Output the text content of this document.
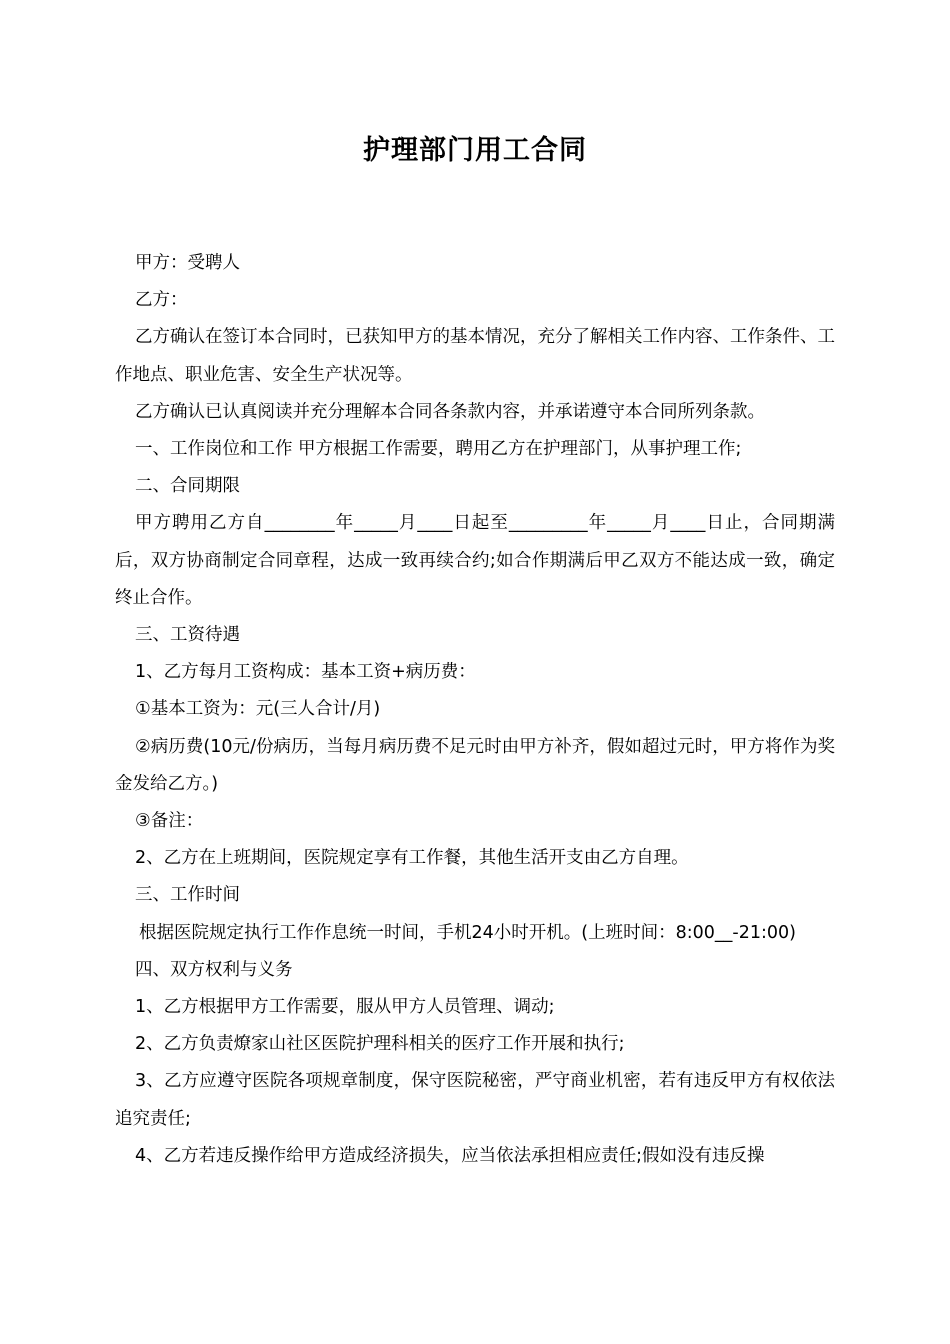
护理部门用工合同

甲方：受聘人

乙方：

乙方确认在签订本合同时，已获知甲方的基本情况，充分了解相关工作内容、工作条件、工作地点、职业危害、安全生产状况等。

乙方确认已认真阅读并充分理解本合同各条款内容，并承诺遵守本合同所列条款。

一、工作岗位和工作 甲方根据工作需要，聘用乙方在护理部门，从事护理工作;

二、合同期限

甲方聘用乙方自________年_____月____日起至_________年_____月____日止，合同期满后，双方协商制定合同章程，达成一致再续合约;如合作期满后甲乙双方不能达成一致，确定终止合作。

三、工资待遇

1、乙方每月工资构成：基本工资+病历费：

①基本工资为：元(三人合计/月)

②病历费(10元/份病历，当每月病历费不足元时由甲方补齐，假如超过元时，甲方将作为奖金发给乙方。)

③备注：

2、乙方在上班期间，医院规定享有工作餐，其他生活开支由乙方自理。

三、工作时间

根据医院规定执行工作作息统一时间，手机24小时开机。(上班时间：8:00__-21:00)

四、双方权利与义务

1、乙方根据甲方工作需要，服从甲方人员管理、调动;

2、乙方负责燎家山社区医院护理科相关的医疗工作开展和执行;

3、乙方应遵守医院各项规章制度，保守医院秘密，严守商业机密，若有违反甲方有权依法追究责任;

4、乙方若违反操作给甲方造成经济损失，应当依法承担相应责任;假如没有违反操
